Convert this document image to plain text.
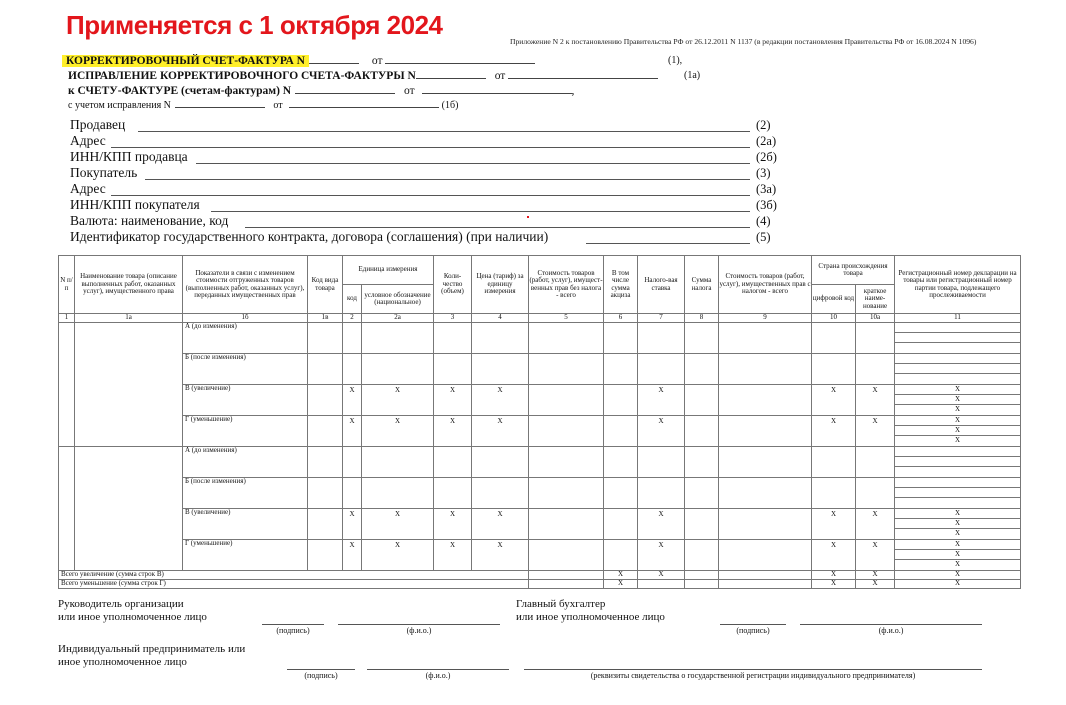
Применяется с 1 октября 2024
Приложение N 2 к постановлению Правительства РФ от 26.12.2011 N 1137 (в редакции постановления Правительства РФ от 16.08.2024 N 1096)
КОРРЕКТИРОВОЧНЫЙ СЧЕТ-ФАКТУРА N	от	(1),
ИСПРАВЛЕНИЕ КОРРЕКТИРОВОЧНОГО СЧЕТА-ФАКТУРЫ N	от	(1а)
к СЧЕТУ-ФАКТУРЕ (счетам-фактурам) N	от	,
с учетом исправления N	от	(1б)
Продавец	(2)
Адрес	(2а)
ИНН/КПП продавца	(2б)
Покупатель	(3)
Адрес	(3а)
ИНН/КПП покупателя	(3б)
Валюта: наименование, код	(4)
Идентификатор государственного контракта, договора (соглашения) (при наличии)	(5)
N п/п	Наименование товара (описание выполненных работ, оказанных услуг), имущественного права	Показатели в связи с изменением стоимости отгруженных товаров (выполненных работ, оказанных услуг), переданных имущественных прав	Код вида товара	Единица измерения		Коли-чество (объем)	Цена (тариф) за единицу измерения	Стоимость товаров (работ, услуг), имущест-венных прав без налога - всего	В том числе сумма акциза	Налого-вая ставка	Сумма налога	Стоимость товаров (работ, услуг), имущественных прав с налогом - всего	Страна происхождения товара		Регистрационный номер декларации на товары или регистрационный номер партии товара, подлежащего прослеживаемости
				код	условное обозначение (национальное)								цифровой код	краткое наиме-нование	
1	1а	1б	1в	2	2а	3	4	5	6	7	8	9	10	10а	11
		А (до изменения)													

		Б (после изменения)													

		В (увеличение)		X	X	X	X			X			X	X	X
X
X

		Г (уменьшение)		X	X	X	X			X			X	X	X
X
X

		А (до изменения)													

		Б (после изменения)													

		В (увеличение)		X	X	X	X			X			X	X	X
X
X

		Г (уменьшение)		X	X	X	X			X			X	X	X
X
X

Всего увеличение (сумма строк В)									X	X			X	X	X
Всего уменьшение (сумма строк Г)									X				X	X	X
Руководитель организации
или иное уполномоченное лицо
(подпись)	(ф.и.о.)
Главный бухгалтер
или иное уполномоченное лицо
(подпись)	(ф.и.о.)
Индивидуальный предприниматель или
иное уполномоченное лицо
(подпись)	(ф.и.о.)	(реквизиты свидетельства о государственной регистрации индивидуального предпринимателя)
